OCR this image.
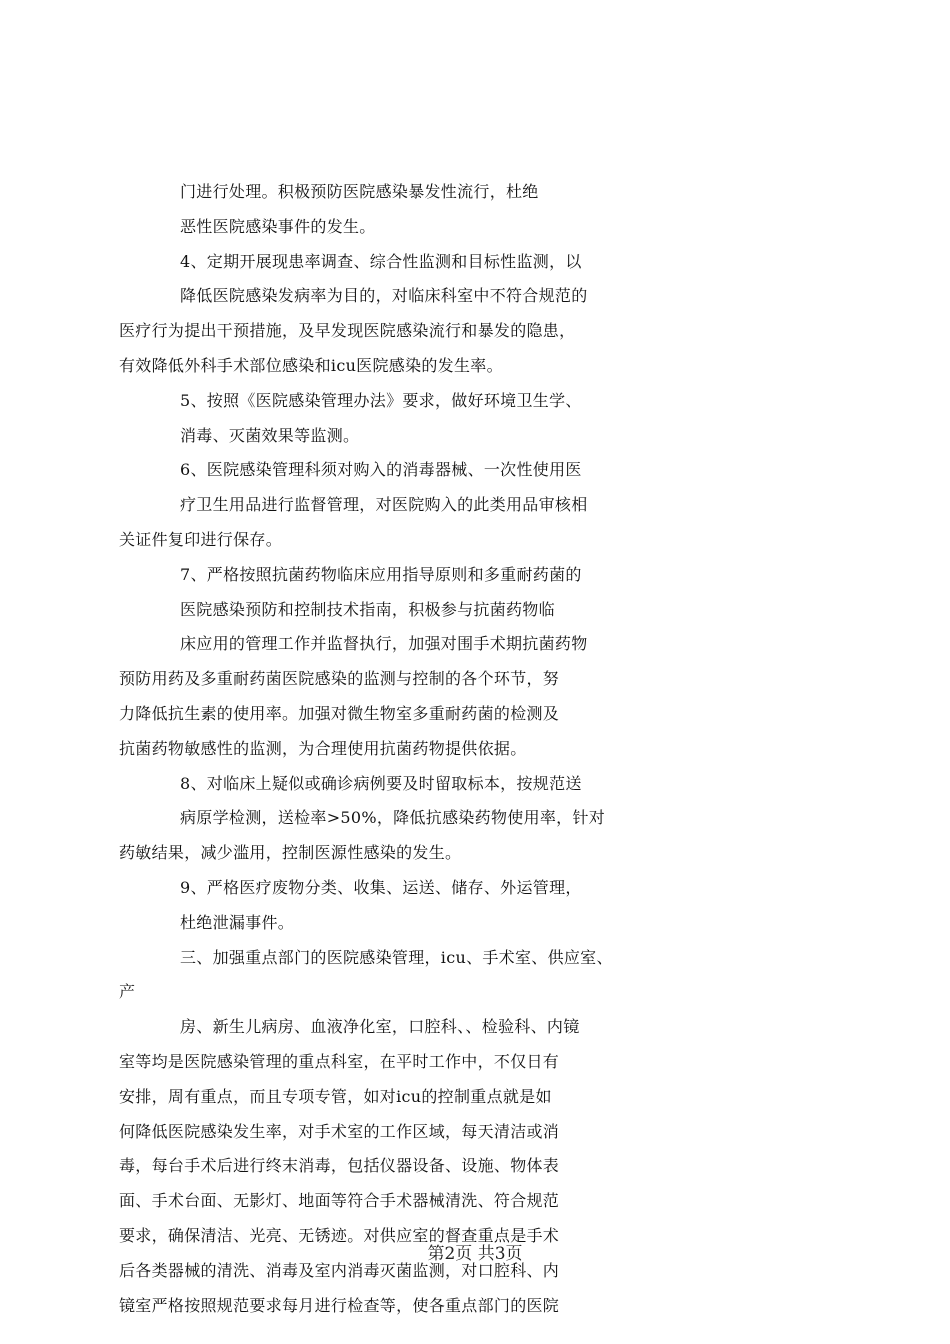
门进行处理。积极预防医院感染暴发性流行，杜绝
恶性医院感染事件的发生。
4、定期开展现患率调查、综合性监测和目标性监测，以
降低医院感染发病率为目的，对临床科室中不符合规范的
医疗行为提出干预措施，及早发现医院感染流行和暴发的隐患，
有效降低外科手术部位感染和icu医院感染的发生率。
5、按照《医院感染管理办法》要求，做好环境卫生学、
消毒、灭菌效果等监测。
6、医院感染管理科须对购入的消毒器械、一次性使用医
疗卫生用品进行监督管理，对医院购入的此类用品审核相
关证件复印进行保存。
7、严格按照抗菌药物临床应用指导原则和多重耐药菌的
医院感染预防和控制技术指南，积极参与抗菌药物临
床应用的管理工作并监督执行，加强对围手术期抗菌药物
预防用药及多重耐药菌医院感染的监测与控制的各个环节，努
力降低抗生素的使用率。加强对微生物室多重耐药菌的检测及
抗菌药物敏感性的监测，为合理使用抗菌药物提供依据。
8、对临床上疑似或确诊病例要及时留取标本，按规范送
病原学检测，送检率>50%，降低抗感染药物使用率，针对
药敏结果，减少滥用，控制医源性感染的发生。
9、严格医疗废物分类、收集、运送、储存、外运管理，
杜绝泄漏事件。
三、加强重点部门的医院感染管理，icu、手术室、供应室、
产
房、新生儿病房、血液净化室，口腔科、、检验科、内镜
室等均是医院感染管理的重点科室，在平时工作中，不仅日有
安排，周有重点，而且专项专管，如对icu的控制重点就是如
何降低医院感染发生率，对手术室的工作区域，每天清洁或消
毒，每台手术后进行终末消毒，包括仪器设备、设施、物体表
面、手术台面、无影灯、地面等符合手术器械清洗、符合规范
要求，确保清洁、光亮、无锈迹。对供应室的督查重点是手术
后各类器械的清洗、消毒及室内消毒灭菌监测，对口腔科、内
镜室严格按照规范要求每月进行检查等，使各重点部门的医院
第2页 共3页
